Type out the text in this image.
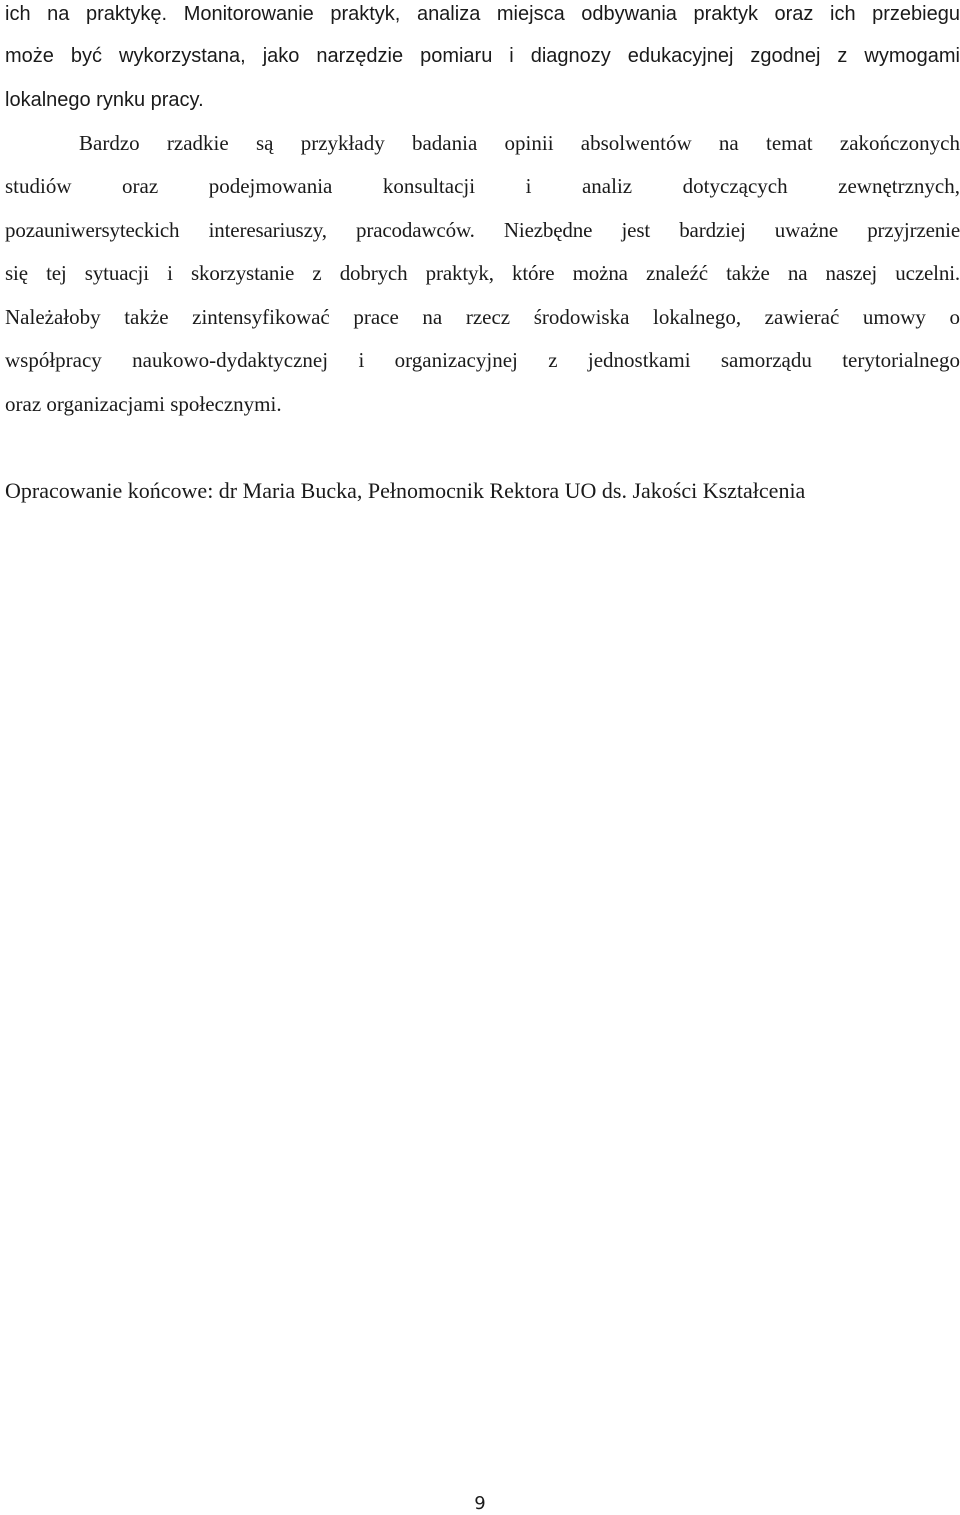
ich na praktykę. Monitorowanie praktyk, analiza miejsca odbywania praktyk oraz ich przebiegu
może być wykorzystana, jako narzędzie pomiaru i diagnozy edukacyjnej zgodnej z wymogami
lokalnego rynku pracy.
Bardzo rzadkie są przykłady badania opinii absolwentów na temat zakończonych
studiów oraz podejmowania konsultacji i analiz dotyczących zewnętrznych,
pozauniwersyteckich interesariuszy, pracodawców. Niezbędne jest bardziej uważne przyjrzenie
się tej sytuacji i skorzystanie z dobrych praktyk, które można znaleźć także na naszej uczelni.
Należałoby także zintensyfikować prace na rzecz środowiska lokalnego, zawierać umowy o
współpracy naukowo-dydaktycznej i organizacyjnej z jednostkami samorządu terytorialnego
oraz organizacjami społecznymi.
Opracowanie końcowe: dr Maria Bucka, Pełnomocnik Rektora UO ds. Jakości Kształcenia
9
